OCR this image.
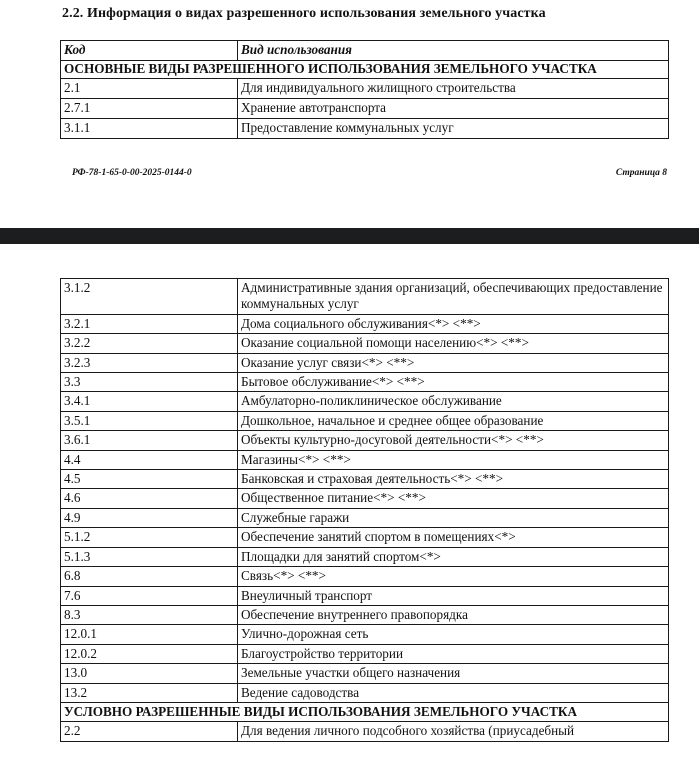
2.2. Информация о видах разрешенного использования земельного участка
Код	Вид использования
ОСНОВНЫЕ ВИДЫ РАЗРЕШЕННОГО ИСПОЛЬЗОВАНИЯ ЗЕМЕЛЬНОГО УЧАСТКА	
2.1	Для индивидуального жилищного строительства
2.7.1	Хранение автотранспорта
3.1.1	Предоставление коммунальных услуг
РФ-78-1-65-0-00-2025-0144-0	Страница 8
3.1.2	Административные здания организаций, обеспечивающих предоставление коммунальных услуг
3.2.1	Дома социального обслуживания<*> <**>
3.2.2	Оказание социальной помощи населению<*> <**>
3.2.3	Оказание услуг связи<*> <**>
3.3	Бытовое обслуживание<*> <**>
3.4.1	Амбулаторно-поликлиническое обслуживание
3.5.1	Дошкольное, начальное и среднее общее образование
3.6.1	Объекты культурно-досуговой деятельности<*> <**>
4.4	Магазины<*> <**>
4.5	Банковская и страховая деятельность<*> <**>
4.6	Общественное питание<*> <**>
4.9	Служебные гаражи
5.1.2	Обеспечение занятий спортом в помещениях<*>
5.1.3	Площадки для занятий спортом<*>
6.8	Связь<*> <**>
7.6	Внеуличный транспорт
8.3	Обеспечение внутреннего правопорядка
12.0.1	Улично-дорожная сеть
12.0.2	Благоустройство территории
13.0	Земельные участки общего назначения
13.2	Ведение садоводства
УСЛОВНО РАЗРЕШЕННЫЕ ВИДЫ ИСПОЛЬЗОВАНИЯ ЗЕМЕЛЬНОГО УЧАСТКА	
2.2	Для ведения личного подсобного хозяйства (приусадебный
